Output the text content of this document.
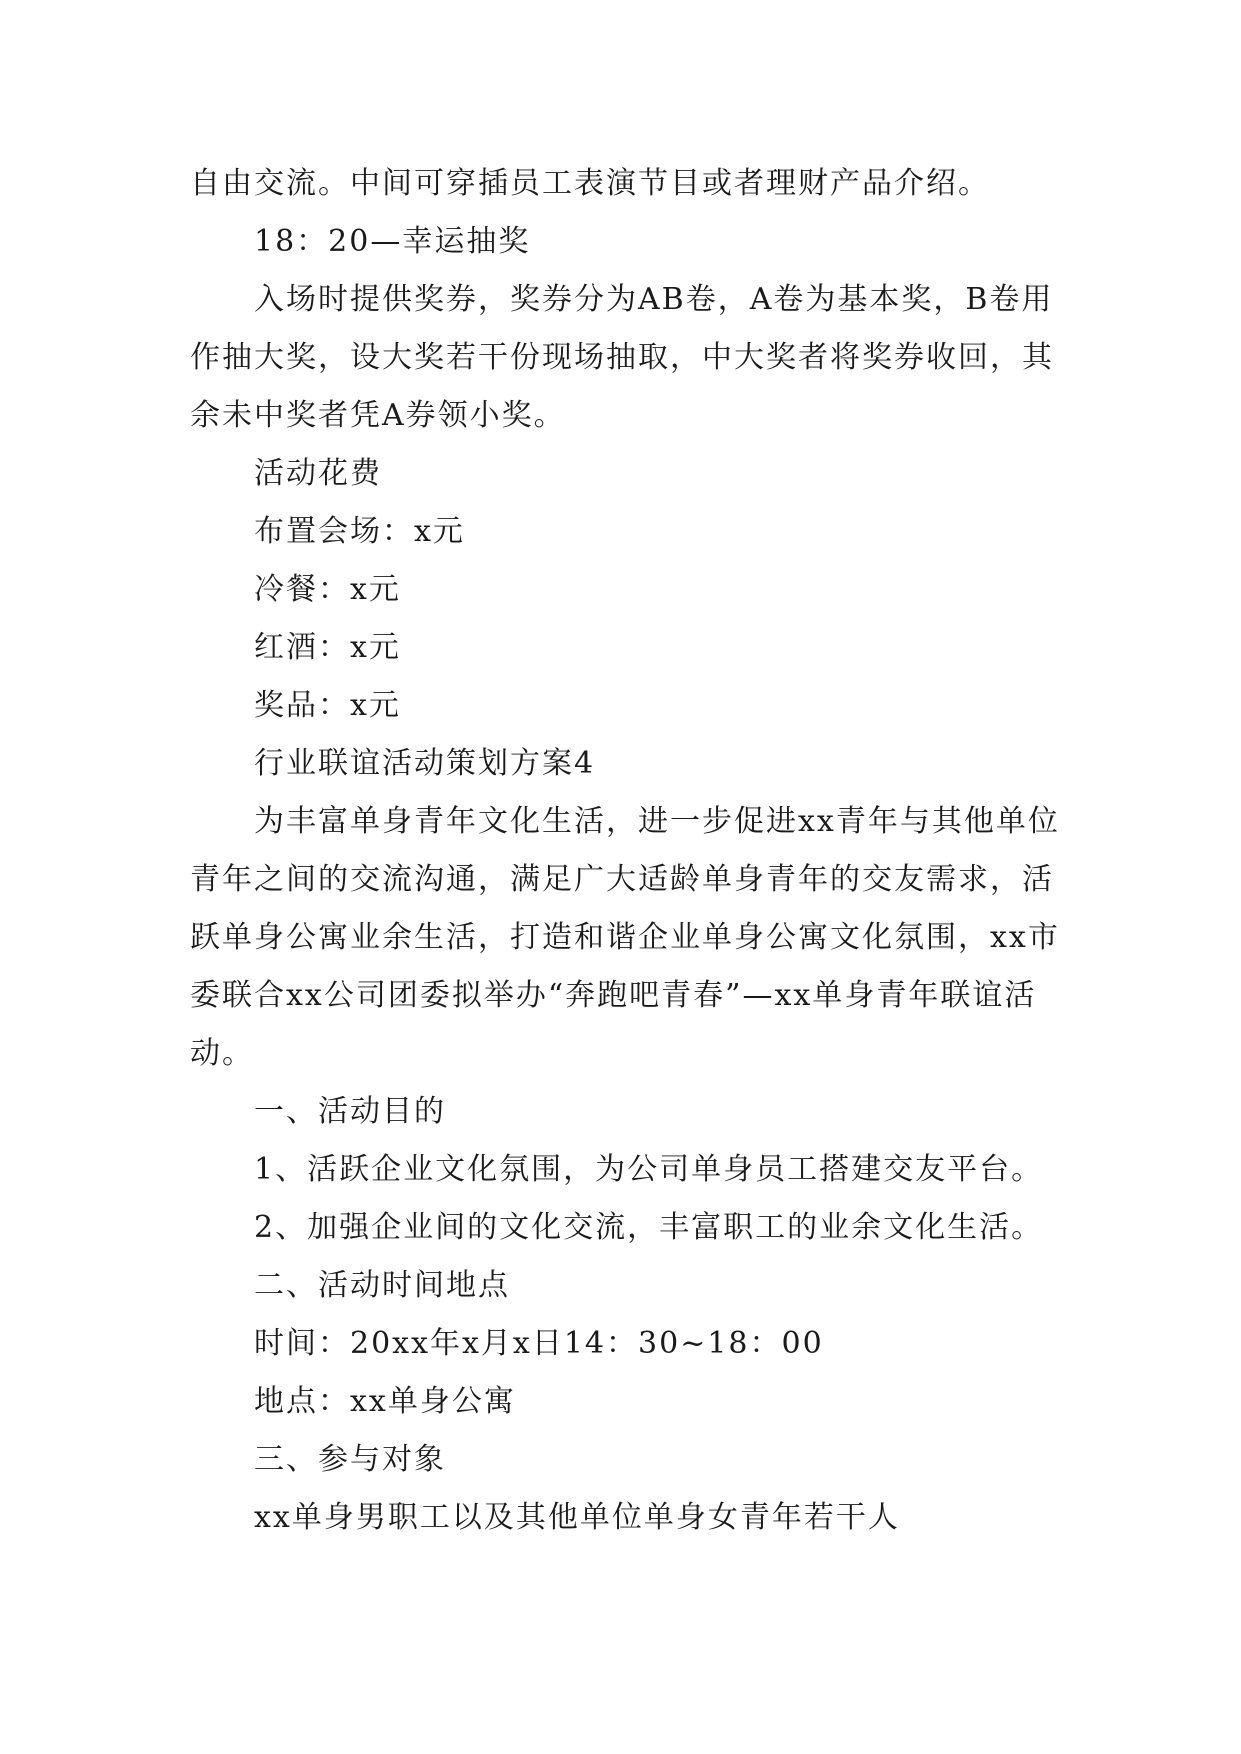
自由交流。中间可穿插员工表演节目或者理财产品介绍。

18：20—幸运抽奖

入场时提供奖券，奖券分为AB卷，A卷为基本奖，B卷用作抽大奖，设大奖若干份现场抽取，中大奖者将奖券收回，其余未中奖者凭A券领小奖。

活动花费

布置会场：x元

冷餐：x元

红酒：x元

奖品：x元

行业联谊活动策划方案4

为丰富单身青年文化生活，进一步促进xx青年与其他单位青年之间的交流沟通，满足广大适龄单身青年的交友需求，活跃单身公寓业余生活，打造和谐企业单身公寓文化氛围，xx市委联合xx公司团委拟举办“奔跑吧青春”—xx单身青年联谊活动。

一、活动目的

1、活跃企业文化氛围，为公司单身员工搭建交友平台。

2、加强企业间的文化交流，丰富职工的业余文化生活。

二、活动时间地点

时间：20xx年x月x日14：30~18：00

地点：xx单身公寓

三、参与对象

xx单身男职工以及其他单位单身女青年若干人
